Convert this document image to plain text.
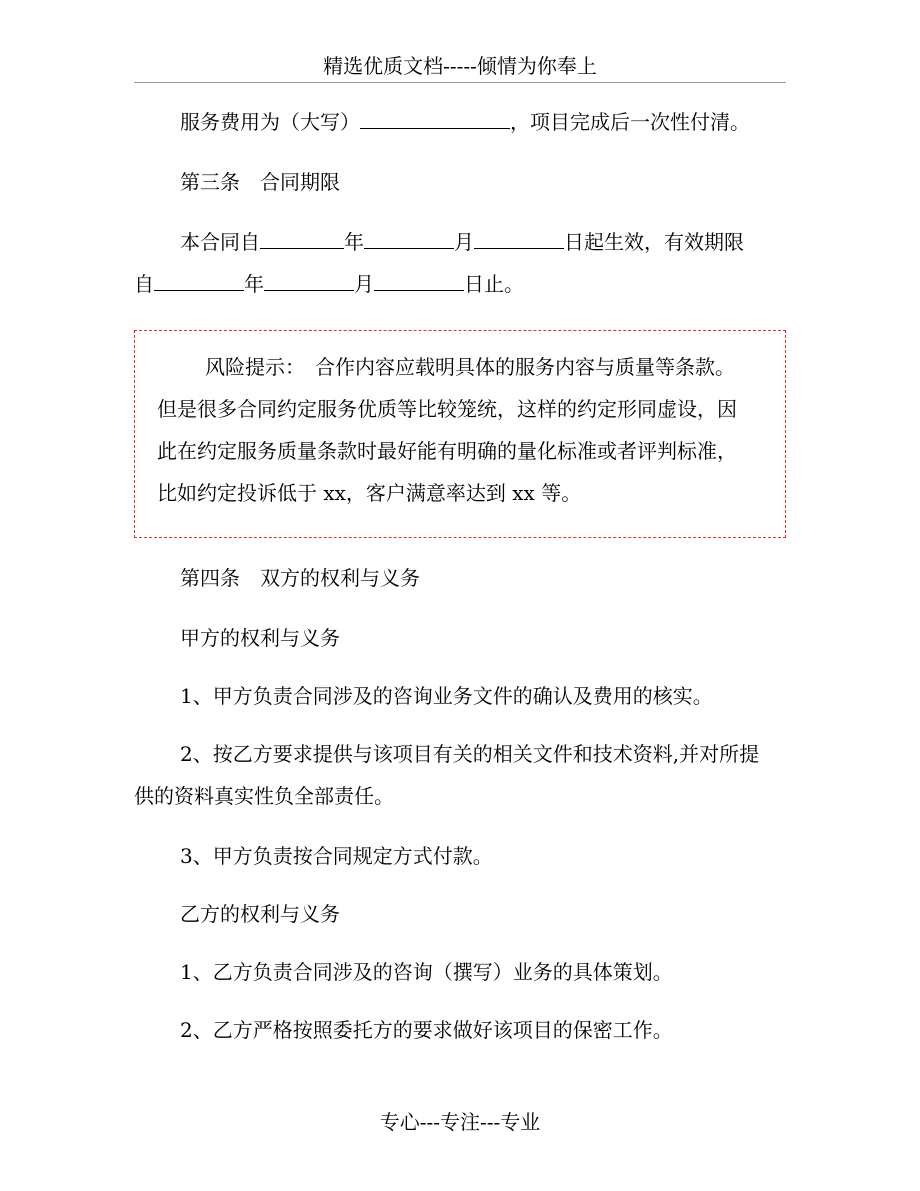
精选优质文档-----倾情为你奉上
服务费用为（大写）	，项目完成后一次性付清。
第三条　合同期限
本合同自	年	月	日起生效，有效期限
自	年	月	日止。
风险提示：　合作内容应载明具体的服务内容与质量等条款。
但是很多合同约定服务优质等比较笼统，这样的约定形同虚设，因
此在约定服务质量条款时最好能有明确的量化标准或者评判标准，
比如约定投诉低于 xx，客户满意率达到 xx 等。
第四条　双方的权利与义务
甲方的权利与义务
1、甲方负责合同涉及的咨询业务文件的确认及费用的核实。
2、按乙方要求提供与该项目有关的相关文件和技术资料,并对所提
供的资料真实性负全部责任。
3、甲方负责按合同规定方式付款。
乙方的权利与义务
1、乙方负责合同涉及的咨询（撰写）业务的具体策划。
2、乙方严格按照委托方的要求做好该项目的保密工作。
专心---专注---专业
